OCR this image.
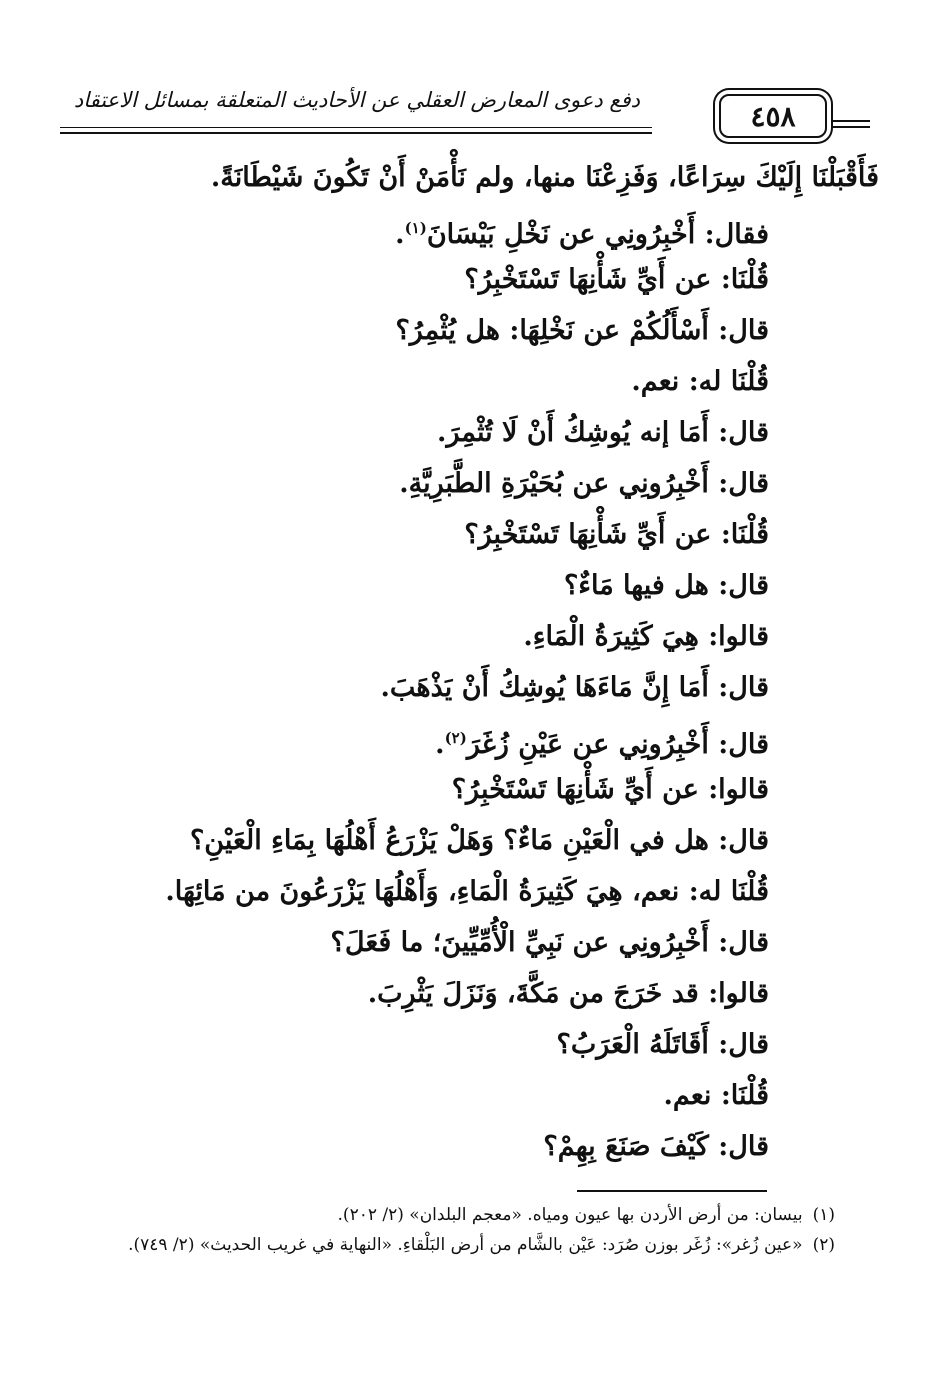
دفع دعوى المعارض العقلي عن الأحاديث المتعلقة بمسائل الاعتقاد	٤٥٨
فَأَقْبَلْنَا إِلَيْكَ سِرَاعًا، وَفَزِعْنَا منها، ولم نَأْمَنْ أَنْ تَكُونَ شَيْطَانَةً.
فقال: أَخْبِرُونِي عن نَخْلِ بَيْسَانَ$^{(١)}$.
قُلْنَا: عن أَيِّ شَأْنِهَا تَسْتَخْبِرُ؟
قال: أَسْأَلُكُمْ عن نَخْلِهَا: هل يُثْمِرُ؟
قُلْنَا له: نعم.
قال: أَمَا إنه يُوشِكُ أَنْ لَا تُثْمِرَ.
قال: أَخْبِرُونِي عن بُحَيْرَةِ الطَّبَرِيَّةِ.
قُلْنَا: عن أَيِّ شَأْنِهَا تَسْتَخْبِرُ؟
قال: هل فيها مَاءٌ؟
قالوا: هِيَ كَثِيرَةُ الْمَاءِ.
قال: أَمَا إِنَّ مَاءَهَا يُوشِكُ أَنْ يَذْهَبَ.
قال: أَخْبِرُونِي عن عَيْنِ زُغَرَ$^{(٢)}$.
قالوا: عن أَيِّ شَأْنِهَا تَسْتَخْبِرُ؟
قال: هل في الْعَيْنِ مَاءٌ؟ وَهَلْ يَزْرَعُ أَهْلُهَا بِمَاءِ الْعَيْنِ؟
قُلْنَا له: نعم، هِيَ كَثِيرَةُ الْمَاءِ، وَأَهْلُهَا يَزْرَعُونَ من مَائِهَا.
قال: أَخْبِرُونِي عن نَبِيِّ الْأُمِّيِّينَ؛ ما فَعَلَ؟
قالوا: قد خَرَجَ من مَكَّةَ، وَنَزَلَ يَثْرِبَ.
قال: أَقَاتَلَهُ الْعَرَبُ؟
قُلْنَا: نعم.
قال: كَيْفَ صَنَعَ بِهِمْ؟
(١)
بيسان: من أرض الأردن بها عيون ومياه. «معجم البلدان» (٢/ ٢٠٢).
(٢)
«عين زُغر»: زُغَر بوزن صُرَد: عَيْن بالشَّام من أرض البَلْقاءِ. «النهاية في غريب الحديث» (٢/ ٧٤٩).
